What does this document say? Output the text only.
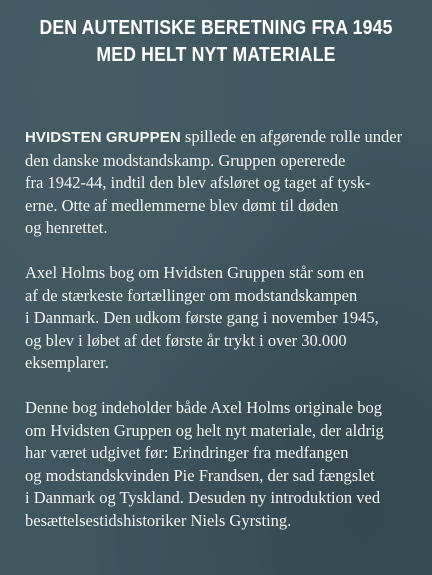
DEN AUTENTISKE BERETNING FRA 1945
MED HELT NYT MATERIALE
HVIDSTEN GRUPPEN spillede en afgørende rolle under
den danske modstandskamp. Gruppen opererede
fra 1942-44, indtil den blev afsløret og taget af tysk-
erne. Otte af medlemmerne blev dømt til døden
og henrettet.
Axel Holms bog om Hvidsten Gruppen står som en
af de stærkeste fortællinger om modstandskampen
i Danmark. Den udkom første gang i november 1945,
og blev i løbet af det første år trykt i over 30.000
eksemplarer.
Denne bog indeholder både Axel Holms originale bog
om Hvidsten Gruppen og helt nyt materiale, der aldrig
har været udgivet før: Erindringer fra medfangen
og modstandskvinden Pie Frandsen, der sad fængslet
i Danmark og Tyskland. Desuden ny introduktion ved
besættelsestidshistoriker Niels Gyrsting.
